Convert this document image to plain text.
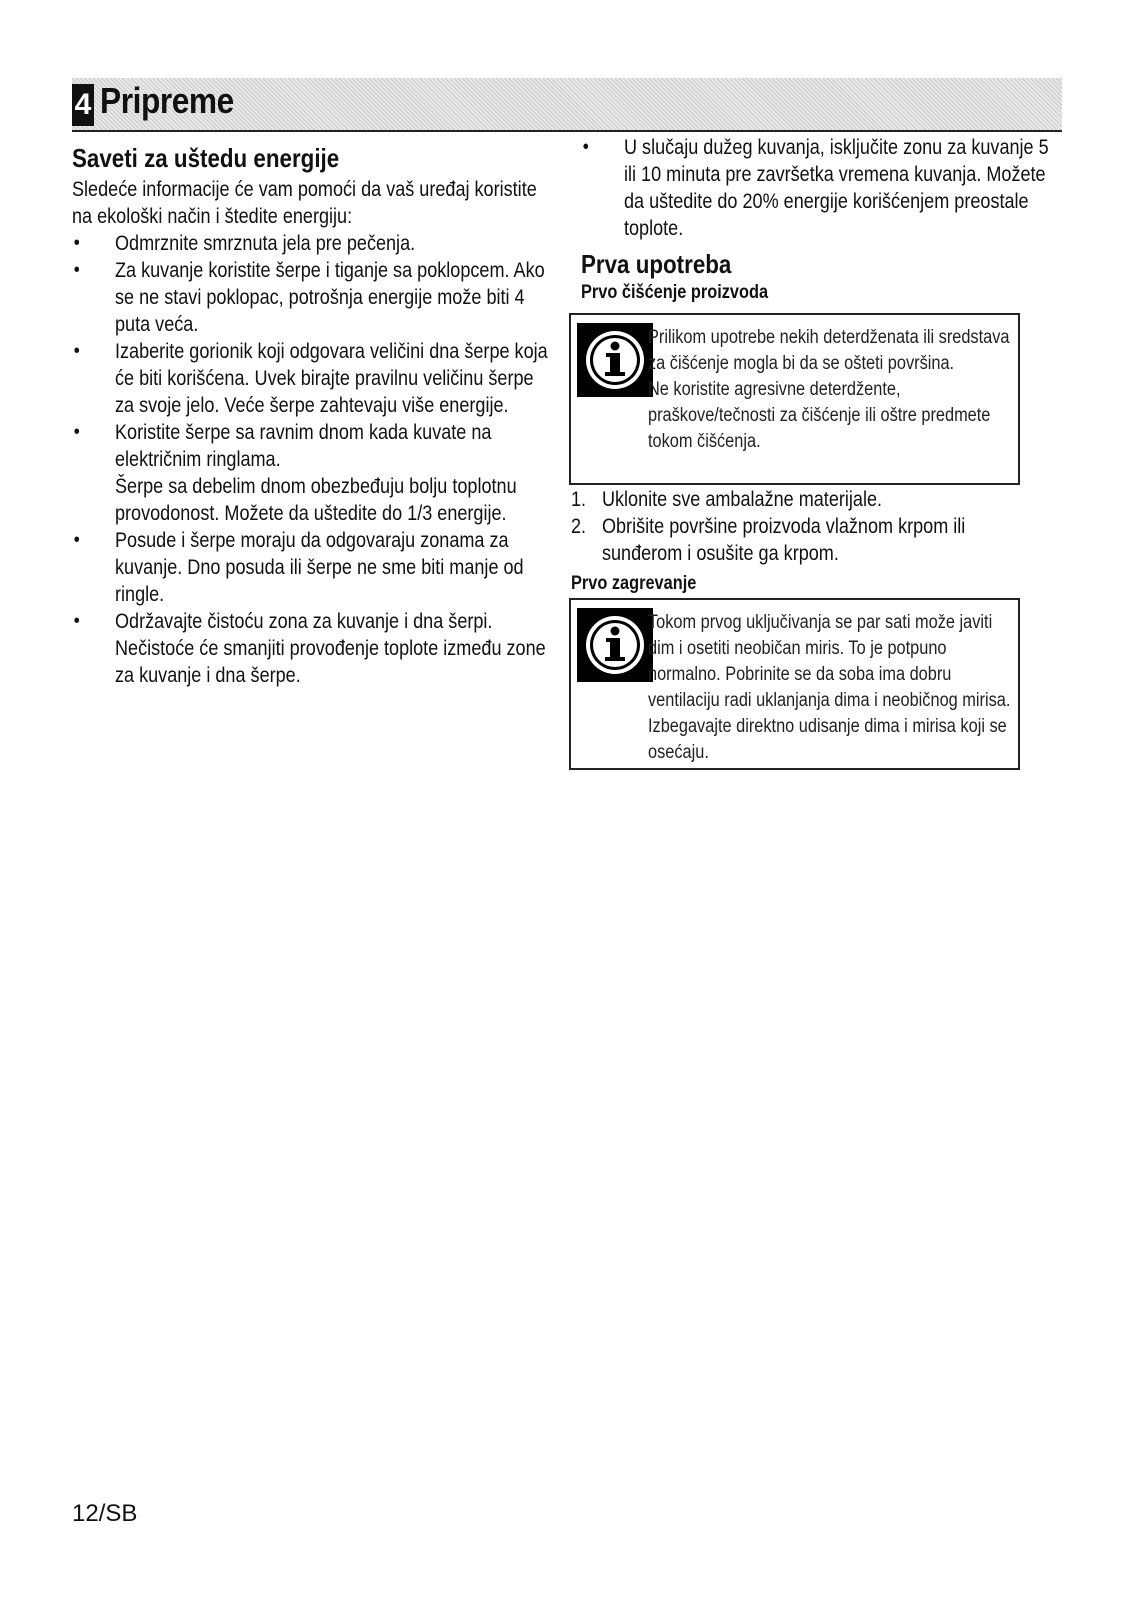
4 Pripreme
Saveti za uštedu energije

Sledeće informacije će vam pomoći da vaš uređaj koristite na ekološki način i štedite energiju:

• Odmrznite smrznuta jela pre pečenja.
• Za kuvanje koristite šerpe i tiganje sa poklopcem. Ako se ne stavi poklopac, potrošnja energije može biti 4 puta veća.
• Izaberite gorionik koji odgovara veličini dna šerpe koja će biti korišćena. Uvek birajte pravilnu veličinu šerpe za svoje jelo. Veće šerpe zahtevaju više energije.
• Koristite šerpe sa ravnim dnom kada kuvate na električnim ringlama.
Šerpe sa debelim dnom obezbeđuju bolju toplotnu provodonost. Možete da uštedite do 1/3 energije.
• Posude i šerpe moraju da odgovaraju zonama za kuvanje. Dno posuda ili šerpe ne sme biti manje od ringle.
• Održavajte čistoću zona za kuvanje i dna šerpi. Nečistoće će smanjiti provođenje toplote između zone za kuvanje i dna šerpe.
• U slučaju dužeg kuvanja, isključite zonu za kuvanje 5 ili 10 minuta pre završetka vremena kuvanja. Možete da uštedite do 20% energije korišćenjem preostale toplote.
Prva upotreba
Prvo čišćenje proizvoda
Prilikom upotrebe nekih deterdženata ili sredstava za čišćenje mogla bi da se ošteti površina.
Ne koristite agresivne deterdžente, praškove/tečnosti za čišćenje ili oštre predmete tokom čišćenja.
1. Uklonite sve ambalažne materijale.
2. Obrišite površine proizvoda vlažnom krpom ili sunđerom i osušite ga krpom.
Prvo zagrevanje
Tokom prvog uključivanja se par sati može javiti dim i osetiti neobičan miris. To je potpuno normalno. Pobrinite se da soba ima dobru ventilaciju radi uklanjanja dima i neobičnog mirisa. Izbegavajte direktno udisanje dima i mirisa koji se osećaju.
12/SB
